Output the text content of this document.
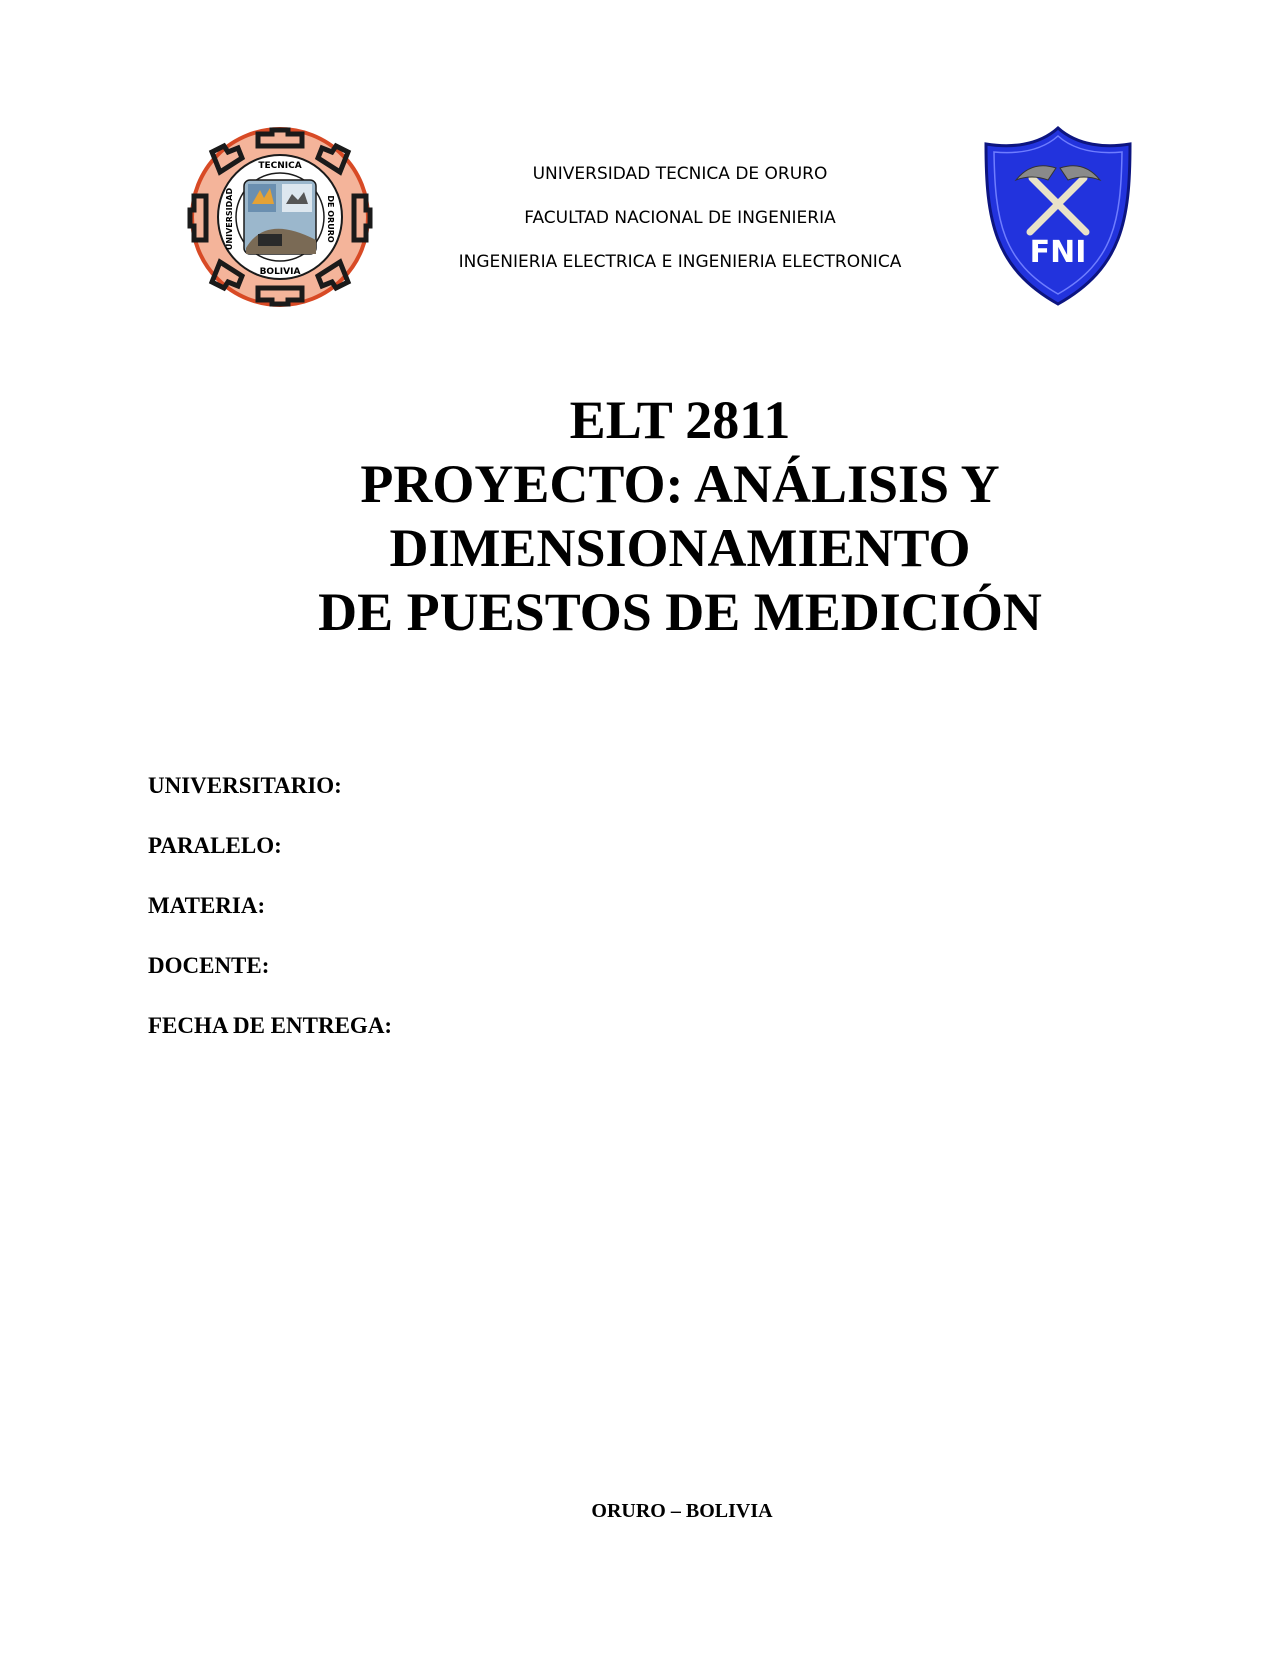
TECNICA
BOLIVIA
UNIVERSIDAD	DE ORURO
UNIVERSIDAD TECNICA DE ORURO
FACULTAD NACIONAL DE INGENIERIA
INGENIERIA ELECTRICA E INGENIERIA ELECTRONICA	FNI
ELT 2811
PROYECTO: ANÁLISIS Y
DIMENSIONAMIENTO
DE PUESTOS DE MEDICIÓN
UNIVERSITARIO:
PARALELO:
MATERIA:
DOCENTE:
FECHA DE ENTREGA:
ORURO – BOLIVIA
